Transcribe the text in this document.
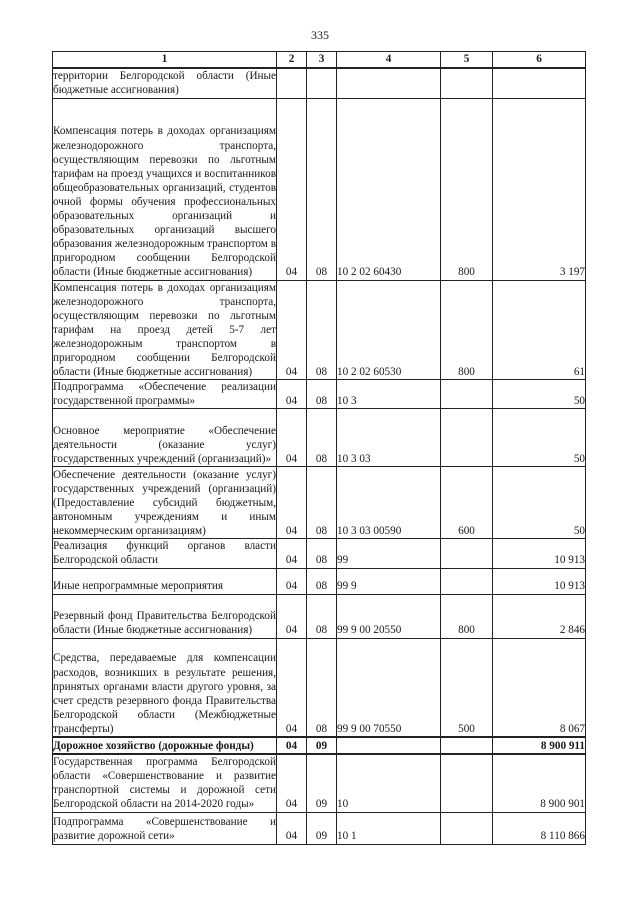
335
1	2	3	4	5	6
территории Белгородской области (Иные бюджетные ассигнования)					
Компенсация потерь в доходах организациям железнодорожного транспорта, осуществляющим перевозки по льготным тарифам на проезд учащихся и воспитанников общеобразовательных организаций, студентов очной формы обучения профессиональных образовательных организаций и образовательных организаций высшего образования железнодорожным транспортом в пригородном сообщении Белгородской области (Иные бюджетные ассигнования)	04	08	10 2 02 60430	800	3 197
Компенсация потерь в доходах организациям железнодорожного транспорта, осуществляющим перевозки по льготным тарифам на проезд детей 5-7 лет железнодорожным транспортом в пригородном сообщении Белгородской области (Иные бюджетные ассигнования)	04	08	10 2 02 60530	800	61
Подпрограмма «Обеспечение реализации государственной программы»	04	08	10 3		50
Основное мероприятие «Обеспечение деятельности (оказание услуг) государственных учреждений (организаций)»	04	08	10 3 03		50
Обеспечение деятельности (оказание услуг) государственных учреждений (организаций) (Предоставление субсидий бюджетным, автономным учреждениям и иным некоммерческим организациям)	04	08	10 3 03 00590	600	50
Реализация функций органов власти Белгородской области	04	08	99		10 913
Иные непрограммные мероприятия	04	08	99 9		10 913
Резервный фонд Правительства Белгородской области (Иные бюджетные ассигнования)	04	08	99 9 00 20550	800	2 846
Средства, передаваемые для компенсации расходов, возникших в результате решения, принятых органами власти другого уровня, за счет средств резервного фонда Правительства Белгородской области (Межбюджетные трансферты)	04	08	99 9 00 70550	500	8 067
Дорожное хозяйство (дорожные фонды)	04	09			8 900 911
Государственная программа Белгородской области «Совершенствование и развитие транспортной системы и дорожной сети Белгородской области на 2014-2020 годы»	04	09	10		8 900 901
Подпрограмма «Совершенствование и развитие дорожной сети»	04	09	10 1		8 110 866
